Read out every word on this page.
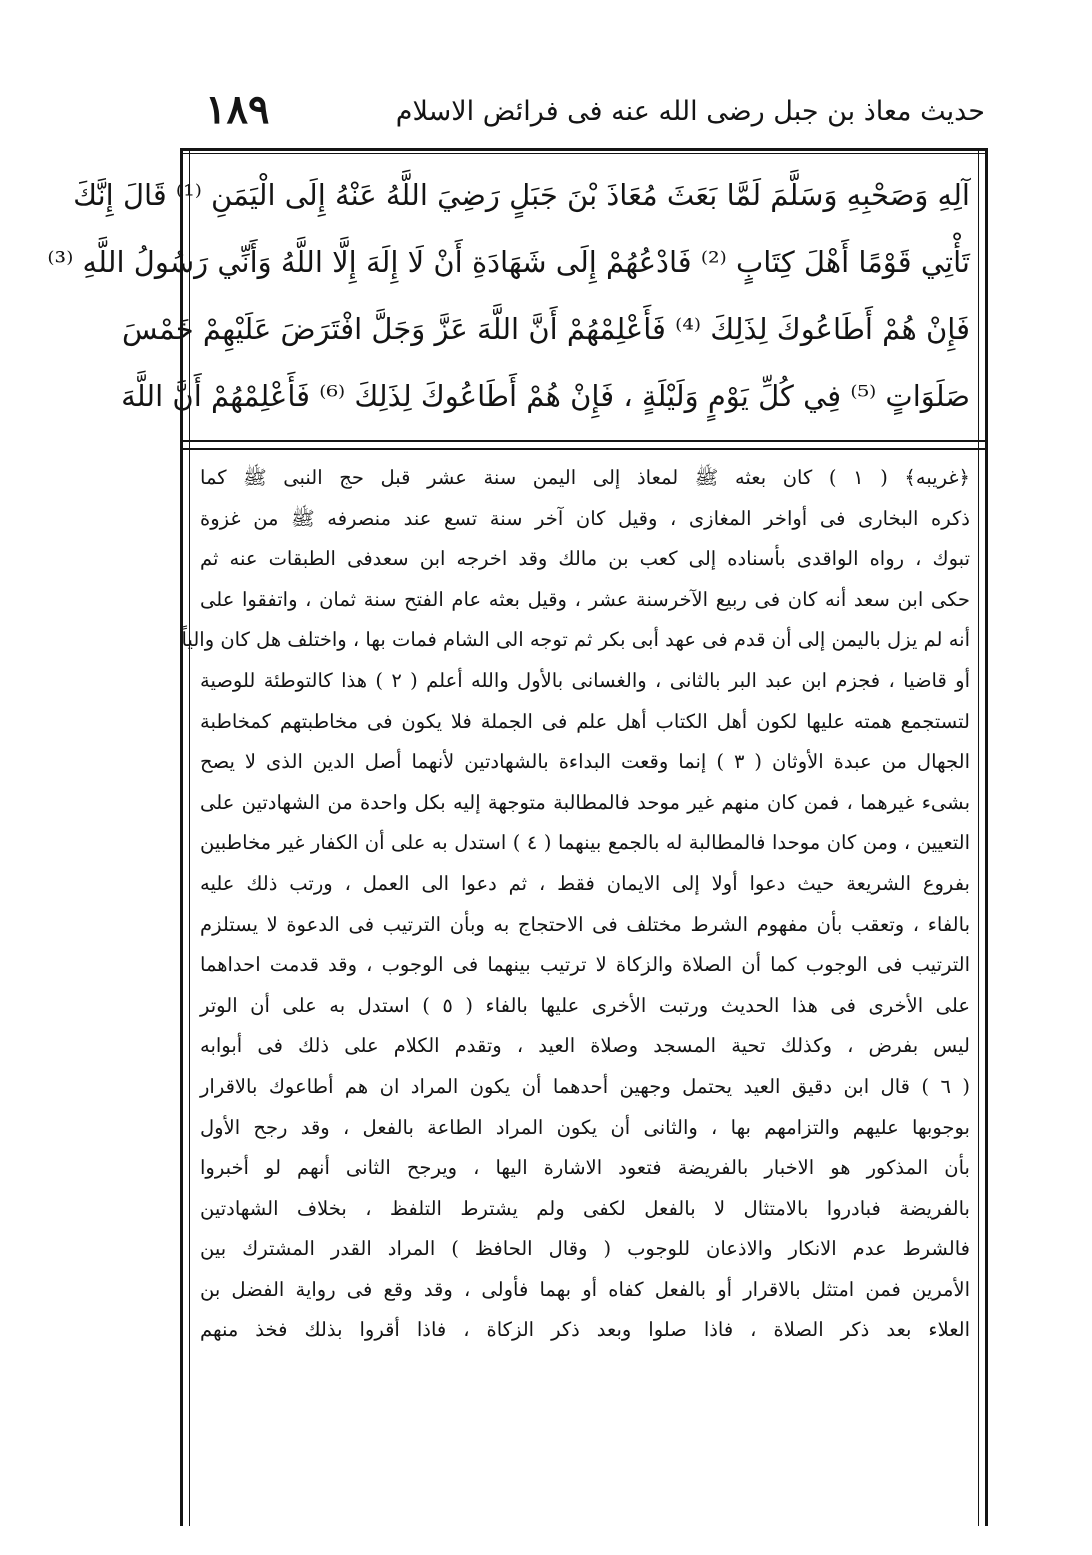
حديث معاذ بن جبل رضى الله عنه فى فرائض الاسلام
١٨٩
آلِهِ وَصَحْبِهِ وَسَلَّمَ لَمَّا بَعَثَ مُعَاذَ بْنَ جَبَلٍ رَضِيَ اللَّهُ عَنْهُ إِلَى الْيَمَنِ ⁽¹⁾ قَالَ إِنَّكَ
تَأْتِي قَوْمًا أَهْلَ كِتَابٍ ⁽²⁾ فَادْعُهُمْ إِلَى شَهَادَةِ أَنْ لَا إِلَهَ إِلَّا اللَّهُ وَأَنِّي رَسُولُ اللَّهِ ⁽³⁾
فَإِنْ هُمْ أَطَاعُوكَ لِذَلِكَ ⁽⁴⁾ فَأَعْلِمْهُمْ أَنَّ اللَّهَ عَزَّ وَجَلَّ افْتَرَضَ عَلَيْهِمْ خَمْسَ
صَلَوَاتٍ ⁽⁵⁾ فِي كُلِّ يَوْمٍ وَلَيْلَةٍ ، فَإِنْ هُمْ أَطَاعُوكَ لِذَلِكَ ⁽⁶⁾ فَأَعْلِمْهُمْ أَنَّ اللَّهَ
﴿غريبه﴾ ( ١ ) كان بعثه ﷺ لمعاذ إلى اليمن سنة عشر قبل حج النبى ﷺ كما
ذكره البخارى فى أواخر المغازى ، وقيل كان آخر سنة تسع عند منصرفه ﷺ من غزوة
تبوك ، رواه الواقدى بأسناده إلى كعب بن مالك وقد اخرجه ابن سعدفى الطبقات عنه ثم
حكى ابن سعد أنه كان فى ربيع الآخرسنة عشر ، وقيل بعثه عام الفتح سنة ثمان ، واتفقوا على
أنه لم يزل باليمن إلى أن قدم فى عهد أبى بكر ثم توجه الى الشام فمات بها ، واختلف هل كان والياً
أو قاضيا ، فجزم ابن عبد البر بالثانى ، والغسانى بالأول والله أعلم ( ٢ ) هذا كالتوطئة للوصية
لتستجمع همته عليها لكون أهل الكتاب أهل علم فى الجملة فلا يكون فى مخاطبتهم كمخاطبة
الجهال من عبدة الأوثان ( ٣ ) إنما وقعت البداءة بالشهادتين لأنهما أصل الدين الذى لا يصح
بشىء غيرهما ، فمن كان منهم غير موحد فالمطالبة متوجهة إليه بكل واحدة من الشهادتين على
التعيين ، ومن كان موحدا فالمطالبة له بالجمع بينهما ( ٤ ) استدل به على أن الكفار غير مخاطبين
بفروع الشريعة حيث دعوا أولا إلى الايمان فقط ، ثم دعوا الى العمل ، ورتب ذلك عليه
بالفاء ، وتعقب بأن مفهوم الشرط مختلف فى الاحتجاج به وبأن الترتيب فى الدعوة لا يستلزم
الترتيب فى الوجوب كما أن الصلاة والزكاة لا ترتيب بينهما فى الوجوب ، وقد قدمت احداهما
على الأخرى فى هذا الحديث ورتبت الأخرى عليها بالفاء ( ٥ ) استدل به على أن الوتر
ليس بفرض ، وكذلك تحية المسجد وصلاة العيد ، وتقدم الكلام على ذلك فى أبوابه
( ٦ ) قال ابن دقيق العيد يحتمل وجهين أحدهما أن يكون المراد ان هم أطاعوك بالاقرار
بوجوبها عليهم والتزامهم بها ، والثانى أن يكون المراد الطاعة بالفعل ، وقد رجح الأول
بأن المذكور هو الاخبار بالفريضة فتعود الاشارة اليها ، ويرجح الثانى أنهم لو أخبروا
بالفريضة فبادروا بالامتثال لا بالفعل لكفى ولم يشترط التلفظ ، بخلاف الشهادتين
فالشرط عدم الانكار والاذعان للوجوب ( وقال الحافظ ) المراد القدر المشترك بين
الأمرين فمن امتثل بالاقرار أو بالفعل كفاه أو بهما فأولى ، وقد وقع فى رواية الفضل بن
العلاء بعد ذكر الصلاة ، فاذا صلوا وبعد ذكر الزكاة ، فاذا أقروا بذلك فخذ منهم
